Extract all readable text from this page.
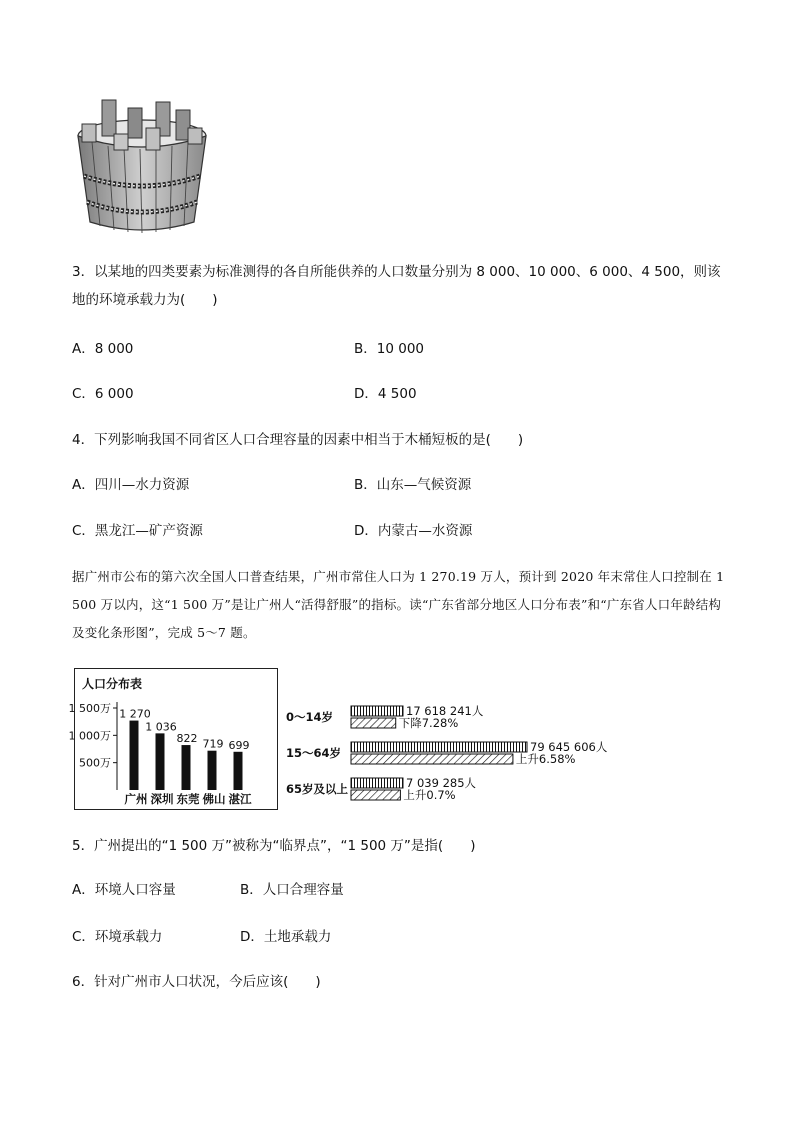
3．以某地的四类要素为标准测得的各自所能供养的人口数量分别为 8 000、10 000、6 000、4 500，则该地的环境承载力为(　　)
A．8 000	B．10 000
C．6 000	D．4 500
4．下列影响我国不同省区人口合理容量的因素中相当于木桶短板的是(　　)
A．四川—水力资源	B．山东—气候资源
C．黑龙江—矿产资源	D．内蒙古—水资源
据广州市公布的第六次全国人口普查结果，广州市常住人口为 1 270.19 万人，预计到 2020 年末常住人口控制在 1 500 万以内，这“1 500 万”是让广州人“活得舒服”的指标。读“广东省部分地区人口分布表”和“广东省人口年龄结构及变化条形图”，完成 5～7 题。
人口分布表
1 500万
1 000万
500万
1 270
广州
1 036
深圳
822
东莞
719
佛山
699
湛江
0～14岁	17 618 241人
下降7.28%
15～64岁	79 645 606人
上升6.58%
65岁及以上	7 039 285人
上升0.7%
5．广州提出的“1 500 万”被称为“临界点”，“1 500 万”是指(　　)
A．环境人口容量	B．人口合理容量
C．环境承载力	D．土地承载力
6．针对广州市人口状况，今后应该(　　)
